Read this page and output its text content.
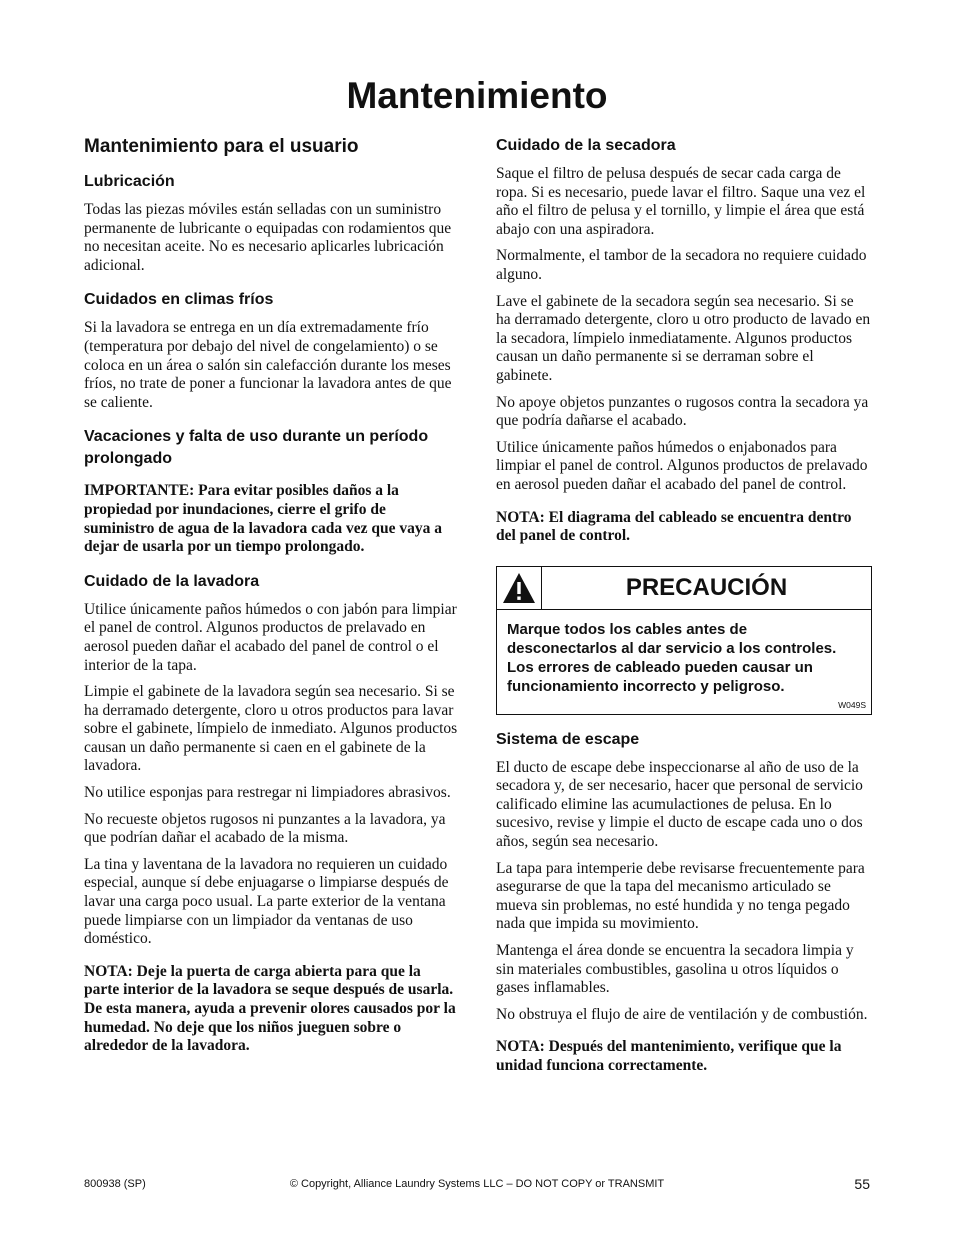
Mantenimiento
Mantenimiento para el usuario
Lubricación

Todas las piezas móviles están selladas con un suministro permanente de lubricante o equipadas con rodamientos que no necesitan aceite. No es necesario aplicarles lubricación adicional.

Cuidados en climas fríos

Si la lavadora se entrega en un día extremadamente frío (temperatura por debajo del nivel de congelamiento) o se coloca en un área o salón sin calefacción durante los meses fríos, no trate de poner a funcionar la lavadora antes de que se caliente.

Vacaciones y falta de uso durante un período prolongado

IMPORTANTE: Para evitar posibles daños a la propiedad por inundaciones, cierre el grifo de suministro de agua de la lavadora cada vez que vaya a dejar de usarla por un tiempo prolongado.

Cuidado de la lavadora

Utilice únicamente paños húmedos o con jabón para limpiar el panel de control. Algunos productos de prelavado en aerosol pueden dañar el acabado del panel de control o el interior de la tapa.

Limpie el gabinete de la lavadora según sea necesario. Si se ha derramado detergente, cloro u otros productos para lavar sobre el gabinete, límpielo de inmediato. Algunos productos causan un daño permanente si caen en el gabinete de la lavadora.

No utilice esponjas para restregar ni limpiadores abrasivos.

No recueste objetos rugosos ni punzantes a la lavadora, ya que podrían dañar el acabado de la misma.

La tina y laventana de la lavadora no requieren un cuidado especial, aunque sí debe enjuagarse o limpiarse después de lavar una carga poco usual. La parte exterior de la ventana puede limpiarse con un limpiador da ventanas de uso doméstico.

NOTA: Deje la puerta de carga abierta para que la parte interior de la lavadora se seque después de usarla. De esta manera, ayuda a prevenir olores causados por la humedad. No deje que los niños jueguen sobre o alrededor de la lavadora.

Cuidado de la secadora

Saque el filtro de pelusa después de secar cada carga de ropa. Si es necesario, puede lavar el filtro. Saque una vez el año el filtro de pelusa y el tornillo, y limpie el área que está abajo con una aspiradora.

Normalmente, el tambor de la secadora no requiere cuidado alguno.

Lave el gabinete de la secadora según sea necesario. Si se ha derramado detergente, cloro u otro producto de lavado en la secadora, límpielo inmediatamente. Algunos productos causan un daño permanente si se derraman sobre el gabinete.

No apoye objetos punzantes o rugosos contra la secadora ya que podría dañarse el acabado.

Utilice únicamente paños húmedos o enjabonados para limpiar el panel de control. Algunos productos de prelavado en aerosol pueden dañar el acabado del panel de control.

NOTA: El diagrama del cableado se encuentra dentro del panel de control.

PRECAUCIÓN
Marque todos los cables antes de desconectarlos al dar servicio a los controles. Los errores de cableado pueden causar un funcionamiento incorrecto y peligroso.
W049S
Sistema de escape

El ducto de escape debe inspeccionarse al año de uso de la secadora y, de ser necesario, hacer que personal de servicio calificado elimine las acumulactiones de pelusa. En lo sucesivo, revise y limpie el ducto de escape cada uno o dos años, según sea necesario.

La tapa para intemperie debe revisarse frecuentemente para asegurarse de que la tapa del mecanismo articulado se mueva sin problemas, no esté hundida y no tenga pegado nada que impida su movimiento.

Mantenga el área donde se encuentra la secadora limpia y sin materiales combustibles, gasolina u otros líquidos o gases inflamables.

No obstruya el flujo de aire de ventilación y de combustión.

NOTA: Después del mantenimiento, verifique que la unidad funciona correctamente.

© Copyright, Alliance Laundry Systems LLC – DO NOT COPY or TRANSMIT
800938 (SP)	55
